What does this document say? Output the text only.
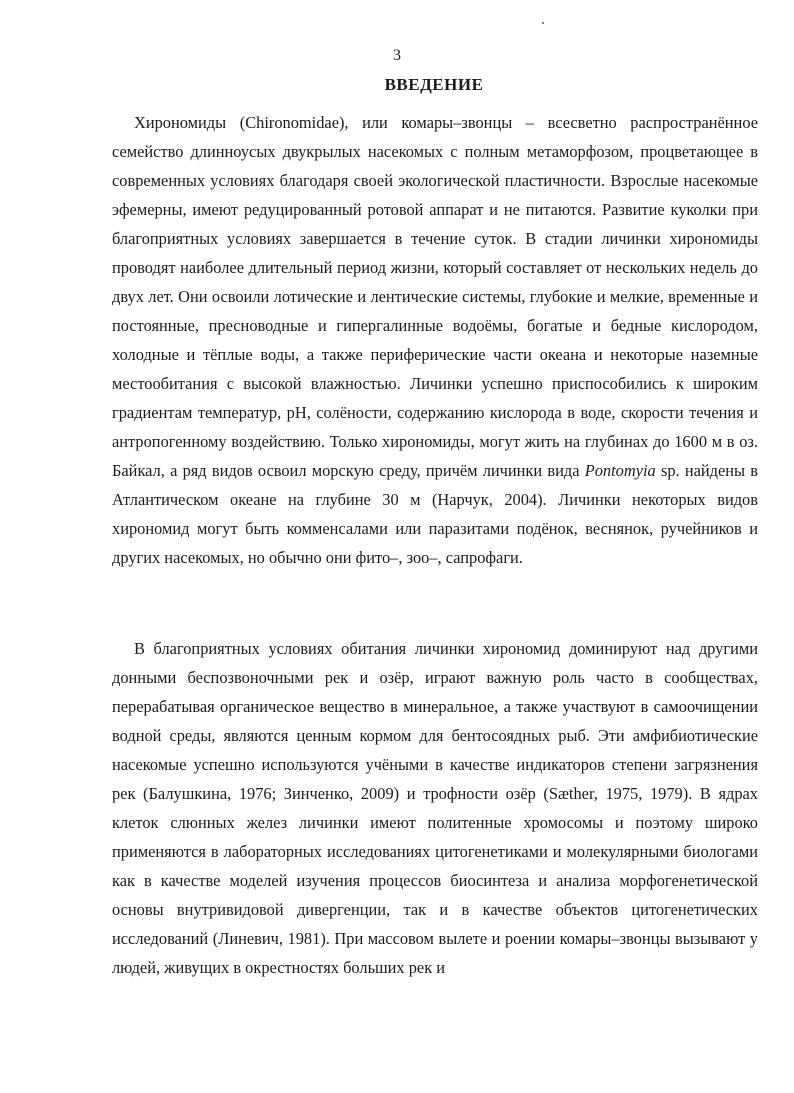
3
ВВЕДЕНИЕ

Хирономиды (Chironomidae), или комары–звонцы – всесветно распространённое семейство длинноусых двукрылых насекомых с полным метаморфозом, процветающее в современных условиях благодаря своей экологической пластичности. Взрослые насекомые эфемерны, имеют редуцированный ротовой аппарат и не питаются. Развитие куколки при благоприятных условиях завершается в течение суток. В стадии личинки хирономиды проводят наиболее длительный период жизни, который составляет от нескольких недель до двух лет. Они освоили лотические и лентические системы, глубокие и мелкие, временные и постоянные, пресноводные и гипергалинные водоёмы, богатые и бедные кислородом, холодные и тёплые воды, а также периферические части океана и некоторые наземные местообитания с высокой влажностью. Личинки успешно приспособились к широким градиентам температур, pH, солёности, содержанию кислорода в воде, скорости течения и антропогенному воздействию. Только хирономиды, могут жить на глубинах до 1600 м в оз. Байкал, а ряд видов освоил морскую среду, причём личинки вида Pontomyia sp. найдены в Атлантическом океане на глубине 30 м (Нарчук, 2004). Личинки некоторых видов хирономид могут быть комменсалами или паразитами подёнок, веснянок, ручейников и других насекомых, но обычно они фито–, зоо–, сапрофаги.

В благоприятных условиях обитания личинки хирономид доминируют над другими донными беспозвоночными рек и озёр, играют важную роль часто в сообществах, перерабатывая органическое вещество в минеральное, а также участвуют в самоочищении водной среды, являются ценным кормом для бентосоядных рыб. Эти амфибиотические насекомые успешно используются учёными в качестве индикаторов степени загрязнения рек (Балушкина, 1976; Зинченко, 2009) и трофности озёр (Sæther, 1975, 1979). В ядрах клеток слюнных желез личинки имеют политенные хромосомы и поэтому широко применяются в лабораторных исследованиях цитогенетиками и молекулярными биологами как в качестве моделей изучения процессов биосинтеза и анализа морфогенетической основы внутривидовой дивергенции, так и в качестве объектов цитогенетических исследований (Линевич, 1981). При массовом вылете и роении комары–звонцы вызывают у людей, живущих в окрестностях больших рек и
